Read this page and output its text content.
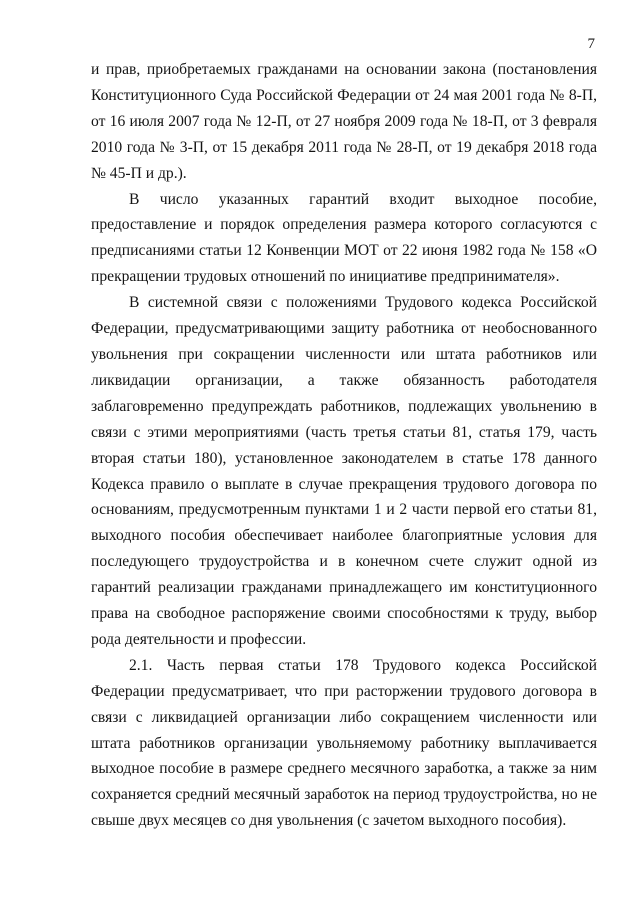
7

и прав, приобретаемых гражданами на основании закона (постановления Конституционного Суда Российской Федерации от 24 мая 2001 года № 8-П, от 16 июля 2007 года № 12-П, от 27 ноября 2009 года № 18-П, от 3 февраля 2010 года № 3-П, от 15 декабря 2011 года № 28-П, от 19 декабря 2018 года № 45-П и др.).

В число указанных гарантий входит выходное пособие, предоставление и порядок определения размера которого согласуются с предписаниями статьи 12 Конвенции МОТ от 22 июня 1982 года № 158 «О прекращении трудовых отношений по инициативе предпринимателя».

В системной связи с положениями Трудового кодекса Российской Федерации, предусматривающими защиту работника от необоснованного увольнения при сокращении численности или штата работников или ликвидации организации, а также обязанность работодателя заблаговременно предупреждать работников, подлежащих увольнению в связи с этими мероприятиями (часть третья статьи 81, статья 179, часть вторая статьи 180), установленное законодателем в статье 178 данного Кодекса правило о выплате в случае прекращения трудового договора по основаниям, предусмотренным пунктами 1 и 2 части первой его статьи 81, выходного пособия обеспечивает наиболее благоприятные условия для последующего трудоустройства и в конечном счете служит одной из гарантий реализации гражданами принадлежащего им конституционного права на свободное распоряжение своими способностями к труду, выбор рода деятельности и профессии.

2.1. Часть первая статьи 178 Трудового кодекса Российской Федерации предусматривает, что при расторжении трудового договора в связи с ликвидацией организации либо сокращением численности или штата работников организации увольняемому работнику выплачивается выходное пособие в размере среднего месячного заработка, а также за ним сохраняется средний месячный заработок на период трудоустройства, но не свыше двух месяцев со дня увольнения (с зачетом выходного пособия).
